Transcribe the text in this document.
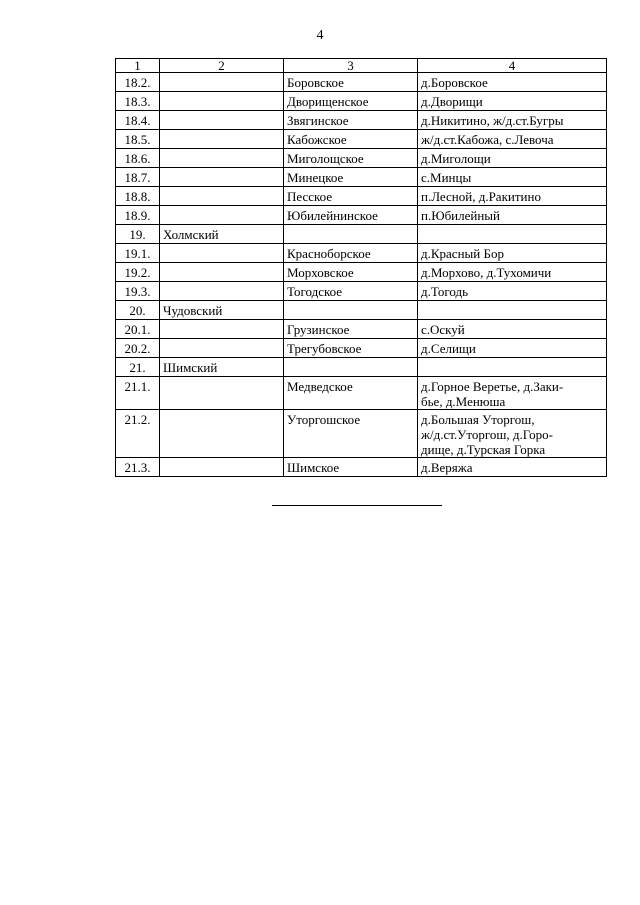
4
1	2	3	4
18.2.		Боровское	д.Боровское
18.3.		Дворищенское	д.Дворищи
18.4.		Звягинское	д.Никитино, ж/д.ст.Бугры
18.5.		Кабожское	ж/д.ст.Кабожа, с.Левоча
18.6.		Миголощское	д.Миголощи
18.7.		Минецкое	с.Минцы
18.8.		Песское	п.Лесной, д.Ракитино
18.9.		Юбилейнинское	п.Юбилейный
19.	Холмский		
19.1.		Красноборское	д.Красный Бор
19.2.		Морховское	д.Морхово, д.Тухомичи
19.3.		Тогодское	д.Тогодь
20.	Чудовский		
20.1.		Грузинское	с.Оскуй
20.2.		Трегубовское	д.Селищи
21.	Шимский		
21.1.		Медведское	д.Горное Веретье, д.Заки-
бье, д.Менюша
21.2.		Уторгошское	д.Большая Уторгош,
ж/д.ст.Уторгош, д.Горо-
дище, д.Турская Горка
21.3.		Шимское	д.Веряжа
